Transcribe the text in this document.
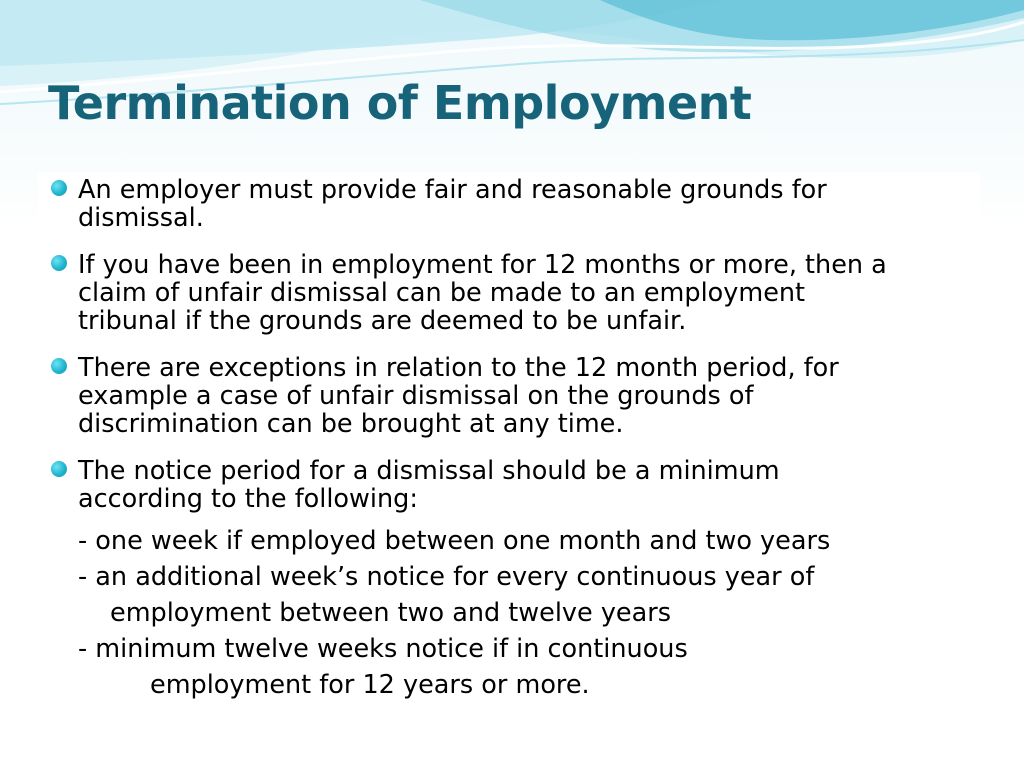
Termination of Employment
An employer must provide fair and reasonable grounds for
dismissal.
If you have been in employment for 12 months or more, then a
claim of unfair dismissal can be made to an employment
tribunal if the grounds are deemed to be unfair.
There are exceptions in relation to the 12 month period, for
example a case of unfair dismissal on the grounds of
discrimination can be brought at any time.
The notice period for a dismissal should be a minimum
according to the following:
- one week if employed between one month and two years
- an additional week’s notice for every continuous year of
employment between two and twelve years
- minimum twelve weeks notice if in continuous
employment for 12 years or more.
